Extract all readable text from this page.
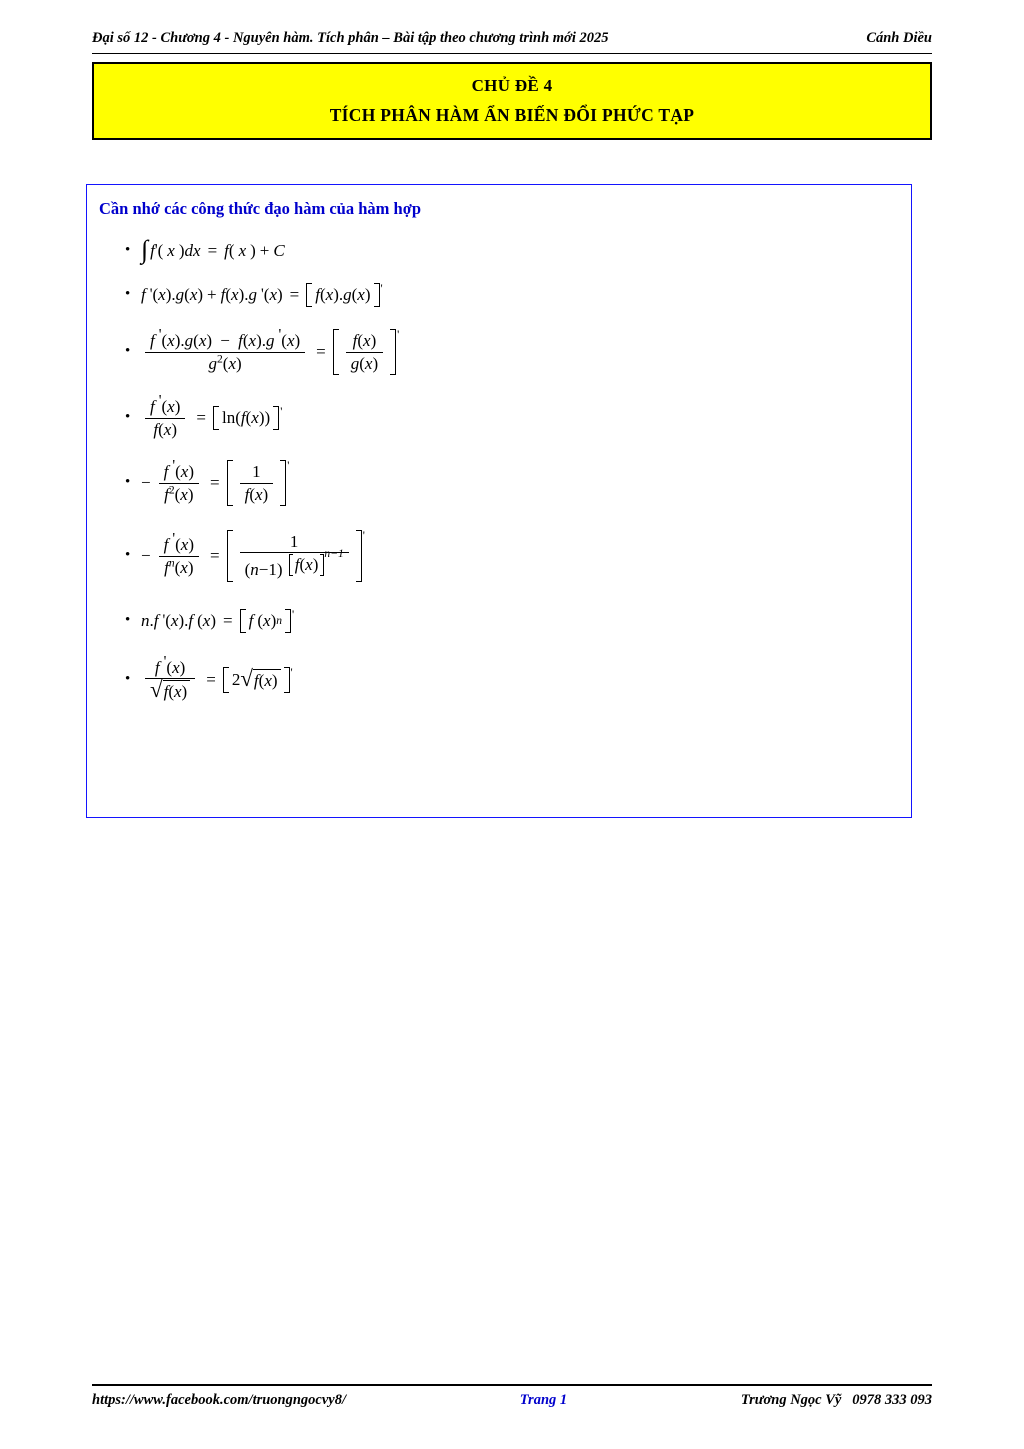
Đại số 12 - Chương 4 - Nguyên hàm. Tích phân – Bài tập theo chương trình mới 2025	Cánh Diều
CHỦ ĐỀ 4
TÍCH PHÂN HÀM ẨN BIẾN ĐỔI PHỨC TẠP
Cần nhớ các công thức đạo hàm của hàm hợp
• ∫ f ' ( x ) dx = f ( x ) + C
• f ' ( x ) . g ( x ) + f ( x ) . g ' ( x ) = f ( x ) . g ( x ) '
• $\frac{f '(x).g(x) - f(x).g '(x)}{g^2(x)} = \frac{f(x)}{g(x)}$ '
• $\frac{f '(x)}{f(x)} = \ln$ ( f ( x ) ) '
• − $\frac{f '(x)}{f^2(x)} = \frac{1}{f(x)}$ '
• − $\frac{f '(x)}{f^n(x)}$ =
1
(n−1) f ( x )
n−1
'
• n . f ' ( x ) . f ( x ) = f ( x ) n '
• $\frac{f '(x)}{√ f ( x )} = 2$ √ f ( x ) '
https://www.facebook.com/truongngocvy8/	Trang 1	Trương Ngọc Vỹ   0978 333 093
